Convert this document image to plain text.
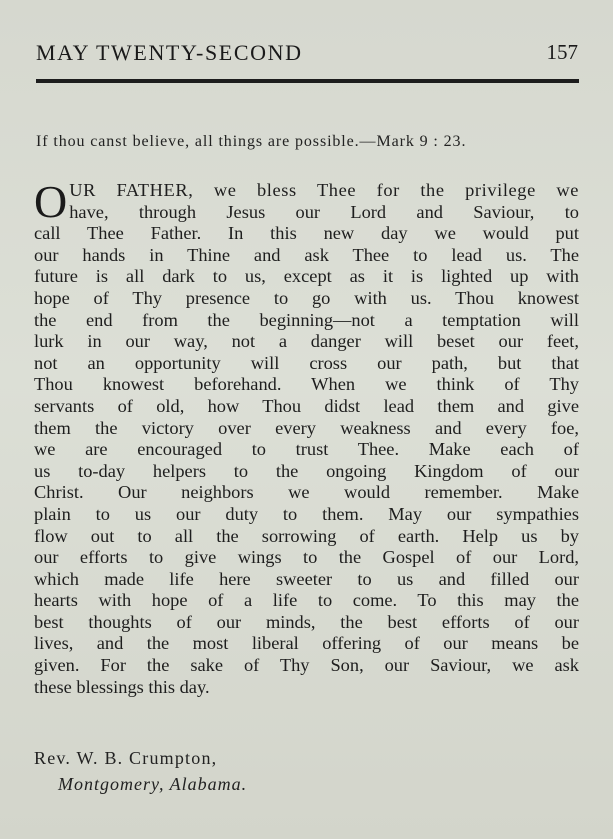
MAY TWENTY-SECOND	157
If thou canst believe, all things are possible.—Mark 9 : 23.
O UR FATHER, we bless Thee for the privilege we
have, through Jesus our Lord and Saviour, to
call Thee Father. In this new day we would put
our hands in Thine and ask Thee to lead us. The
future is all dark to us, except as it is lighted up with
hope of Thy presence to go with us. Thou knowest
the end from the beginning—not a temptation will
lurk in our way, not a danger will beset our feet,
not an opportunity will cross our path, but that
Thou knowest beforehand. When we think of Thy
servants of old, how Thou didst lead them and give
them the victory over every weakness and every foe,
we are encouraged to trust Thee. Make each of
us to-day helpers to the ongoing Kingdom of our
Christ. Our neighbors we would remember. Make
plain to us our duty to them. May our sympathies
flow out to all the sorrowing of earth. Help us by
our efforts to give wings to the Gospel of our Lord,
which made life here sweeter to us and filled our
hearts with hope of a life to come. To this may the
best thoughts of our minds, the best efforts of our
lives, and the most liberal offering of our means be
given. For the sake of Thy Son, our Saviour, we ask
these blessings this day.
Rev. W. B. Crumpton,
Montgomery, Alabama.
